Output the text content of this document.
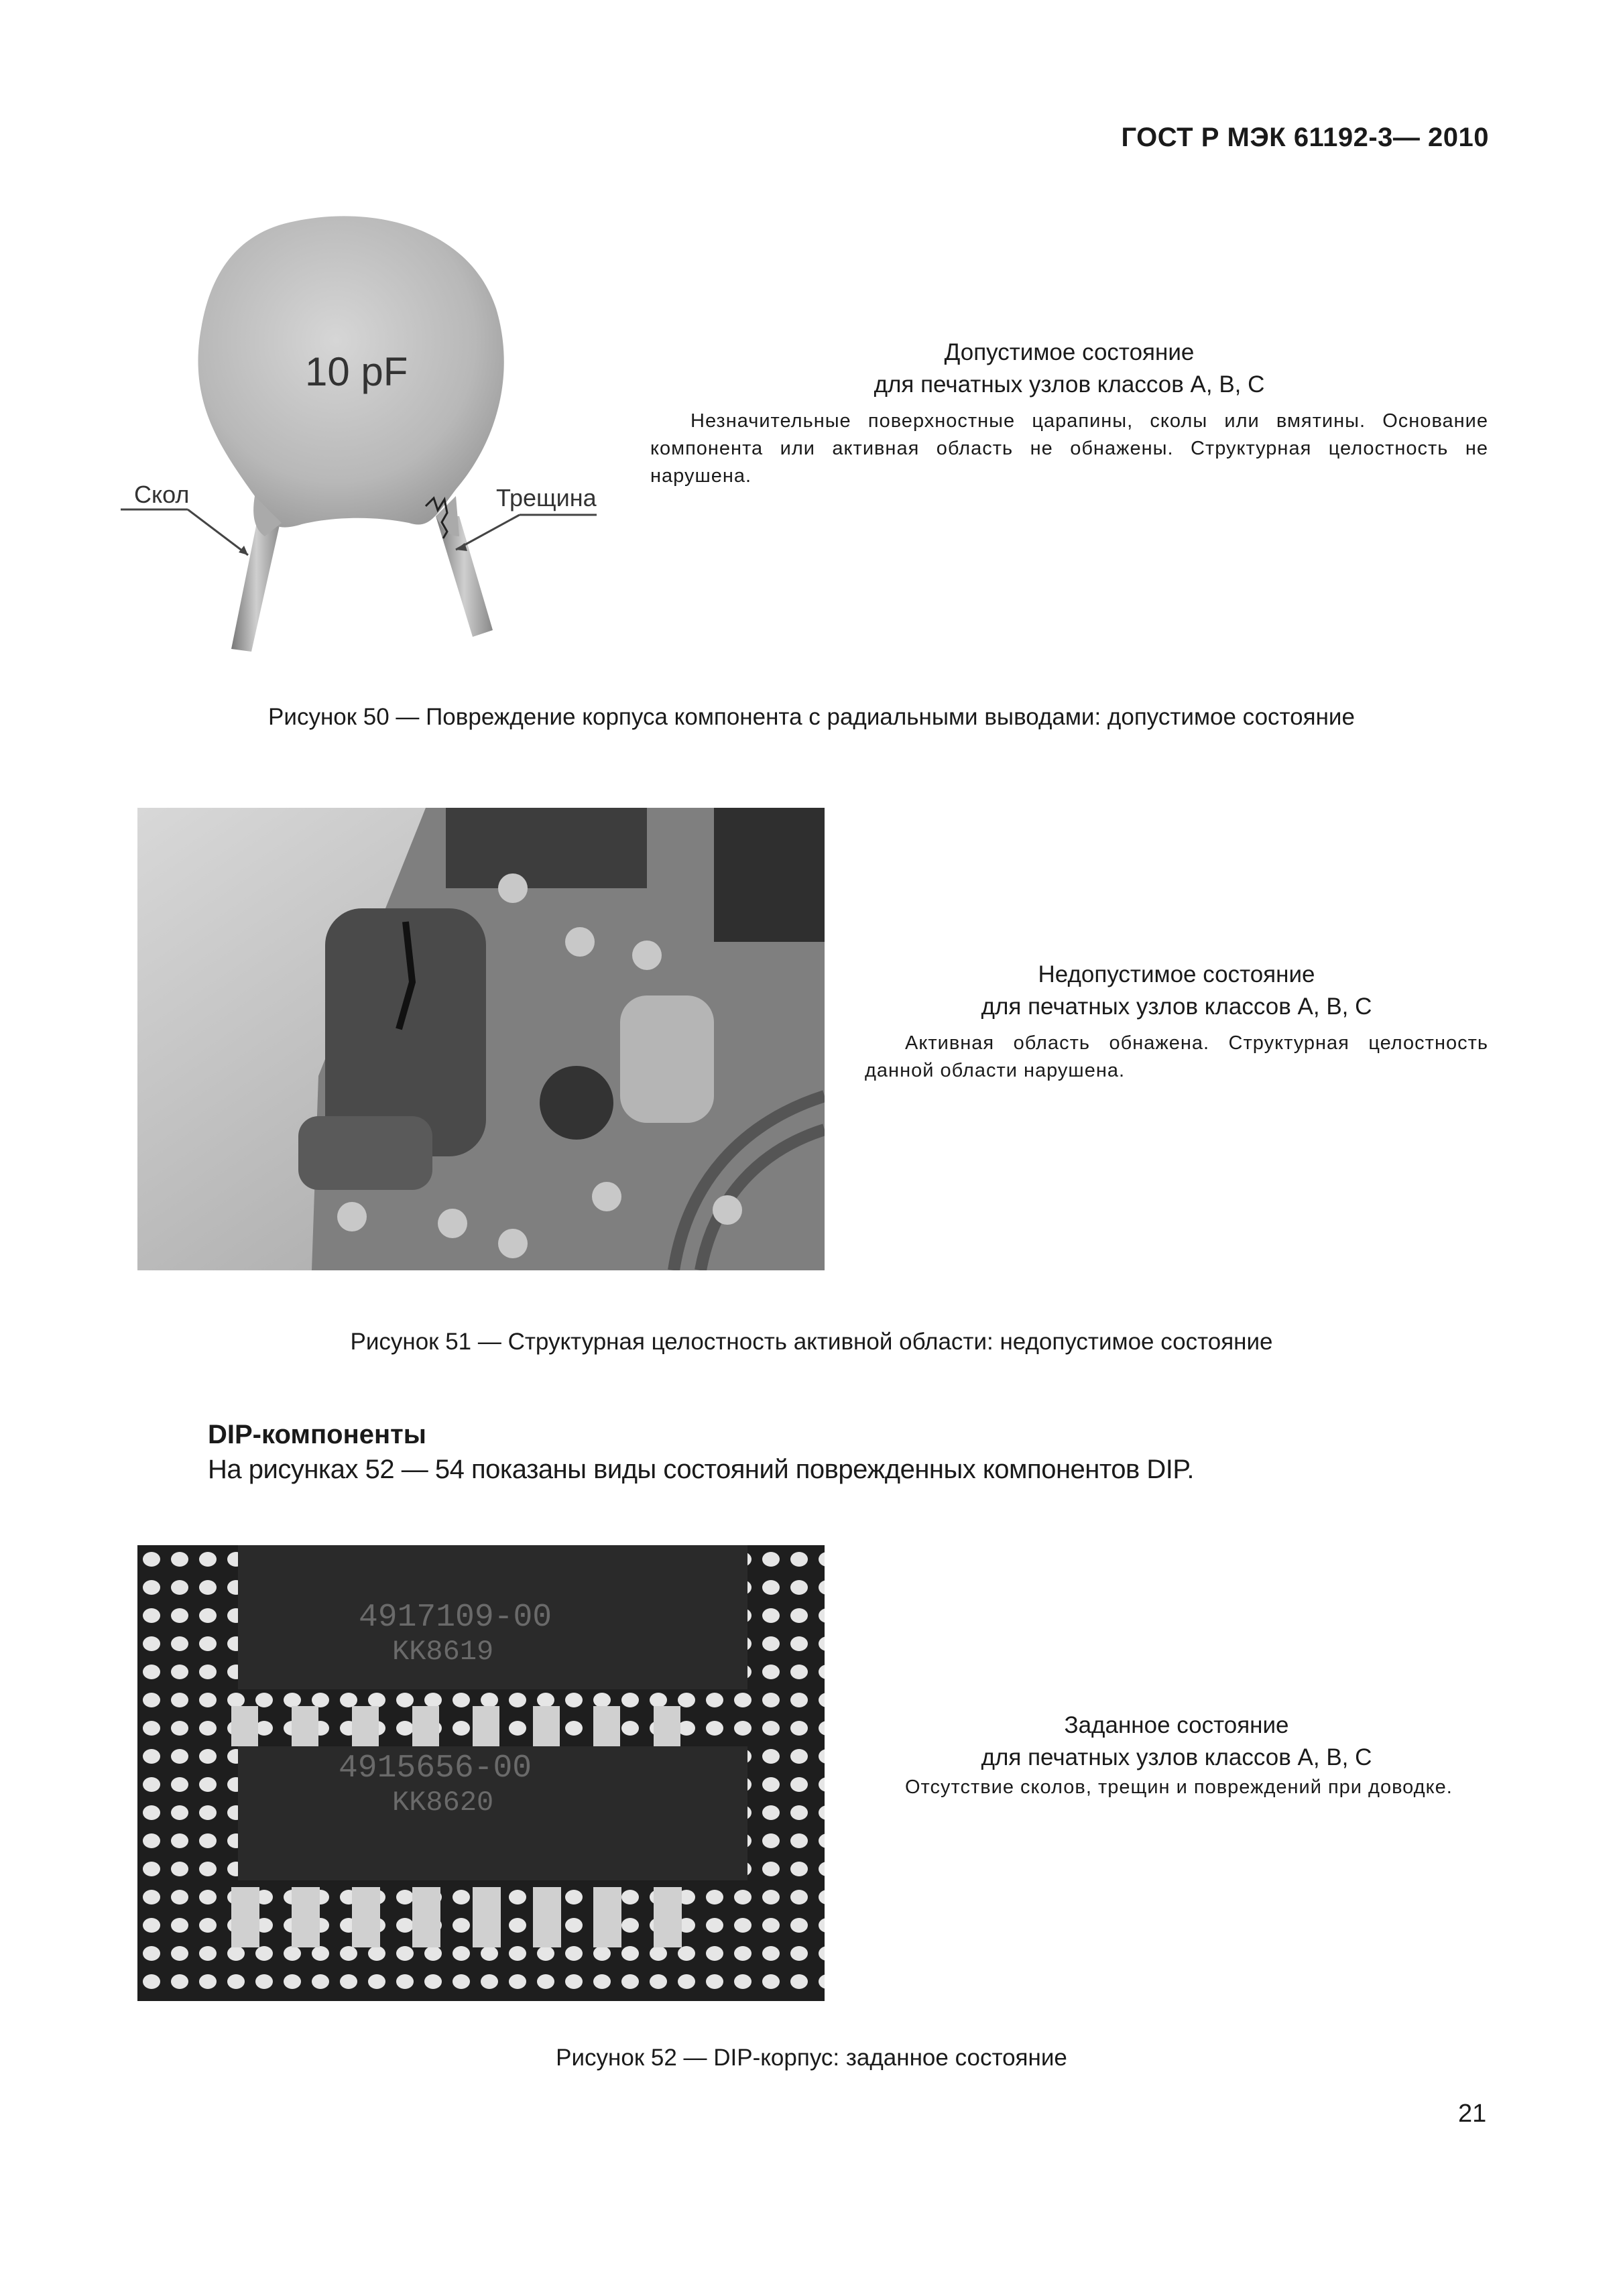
ГОСТ Р МЭК 61192-3— 2010
10 pF
Скол	Трещина
Допустимое состояние
для печатных узлов классов А, В, С
Незначительные поверхностные царапины, сколы или вмятины. Основание компонента или активная область не обнажены. Структурная целостность не нарушена.
Рисунок 50 — Повреждение корпуса компонента с радиальными выводами: допустимое состояние
Недопустимое состояние
для печатных узлов классов А, В, С
Активная область обнажена. Структурная целостность данной области нарушена.
Рисунок 51 — Структурная целостность активной области: недопустимое состояние
DIP-компоненты
На рисунках 52 — 54 показаны виды состояний поврежденных компонентов DIP.
4917109-00
KK8619
4915656-00
KK8620
Заданное состояние
для печатных узлов классов А, В, С
Отсутствие сколов, трещин и повреждений при доводке.
Рисунок 52 — DIP-корпус: заданное состояние
21
